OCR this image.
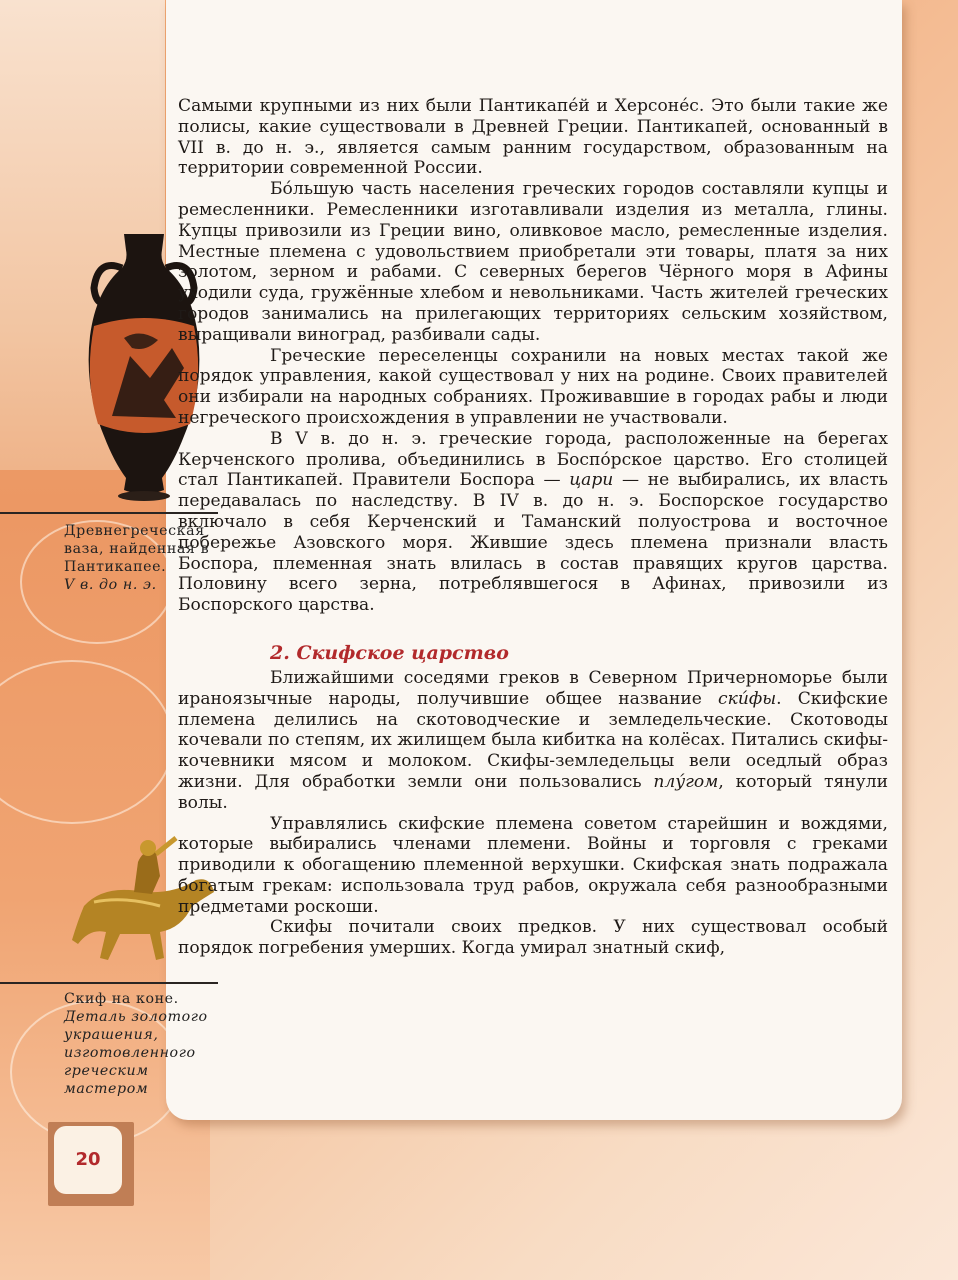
Древнегреческая ваза, найденная в Пантикапее.
V в. до н. э.
Скиф на коне.
Деталь золотого украшения, изготовленного греческим мастером

Самыми крупными из них были Пантикапе́й и Херсоне́с. Это были такие же полисы, какие существовали в Древней Греции. Пантикапей, основанный в VII в. до н. э., является самым ранним государством, образованным на территории современной России.

Бо́льшую часть населения греческих городов составляли купцы и ремесленники. Ремесленники изготавливали изделия из металла, глины. Купцы привозили из Греции вино, оливковое масло, ремесленные изделия. Местные племена с удовольствием приобретали эти товары, платя за них золотом, зерном и рабами. С северных берегов Чёрного моря в Афины уходили суда, гружённые хлебом и невольниками. Часть жителей греческих городов занимались на прилегающих территориях сельским хозяйством, выращивали виноград, разбивали сады.

Греческие переселенцы сохранили на новых местах такой же порядок управления, какой существовал у них на родине. Своих правителей они избирали на народных собраниях. Проживавшие в городах рабы и люди негреческого происхождения в управлении не участвовали.

В V в. до н. э. греческие города, расположенные на берегах Керченского пролива, объединились в Боспо́рское царство. Его столицей стал Пантикапей. Правители Боспора — цари — не выбирались, их власть передавалась по наследству. В IV в. до н. э. Боспорское государство включало в себя Керченский и Таманский полуострова и восточное побережье Азовского моря. Жившие здесь племена признали власть Боспора, племенная знать влилась в состав правящих кругов царства. Половину всего зерна, потреблявшегося в Афинах, привозили из Боспорского царства.

2. Скифское царство

Ближайшими соседями греков в Северном Причерноморье были ираноязычные народы, получившие общее название ски́фы. Скифские племена делились на скотоводческие и земледельческие. Скотоводы кочевали по степям, их жилищем была кибитка на колёсах. Питались скифы-кочевники мясом и молоком. Скифы-земледельцы вели оседлый образ жизни. Для обработки земли они пользовались плу́гом, который тянули волы.

Управлялись скифские племена советом старейшин и вождями, которые выбирались членами племени. Войны и торговля с греками приводили к обогащению племенной верхушки. Скифская знать подражала богатым грекам: использовала труд рабов, окружала себя разнообразными предметами роскоши.

Скифы почитали своих предков. У них существовал особый порядок погребения умерших. Когда умирал знатный скиф,

20
